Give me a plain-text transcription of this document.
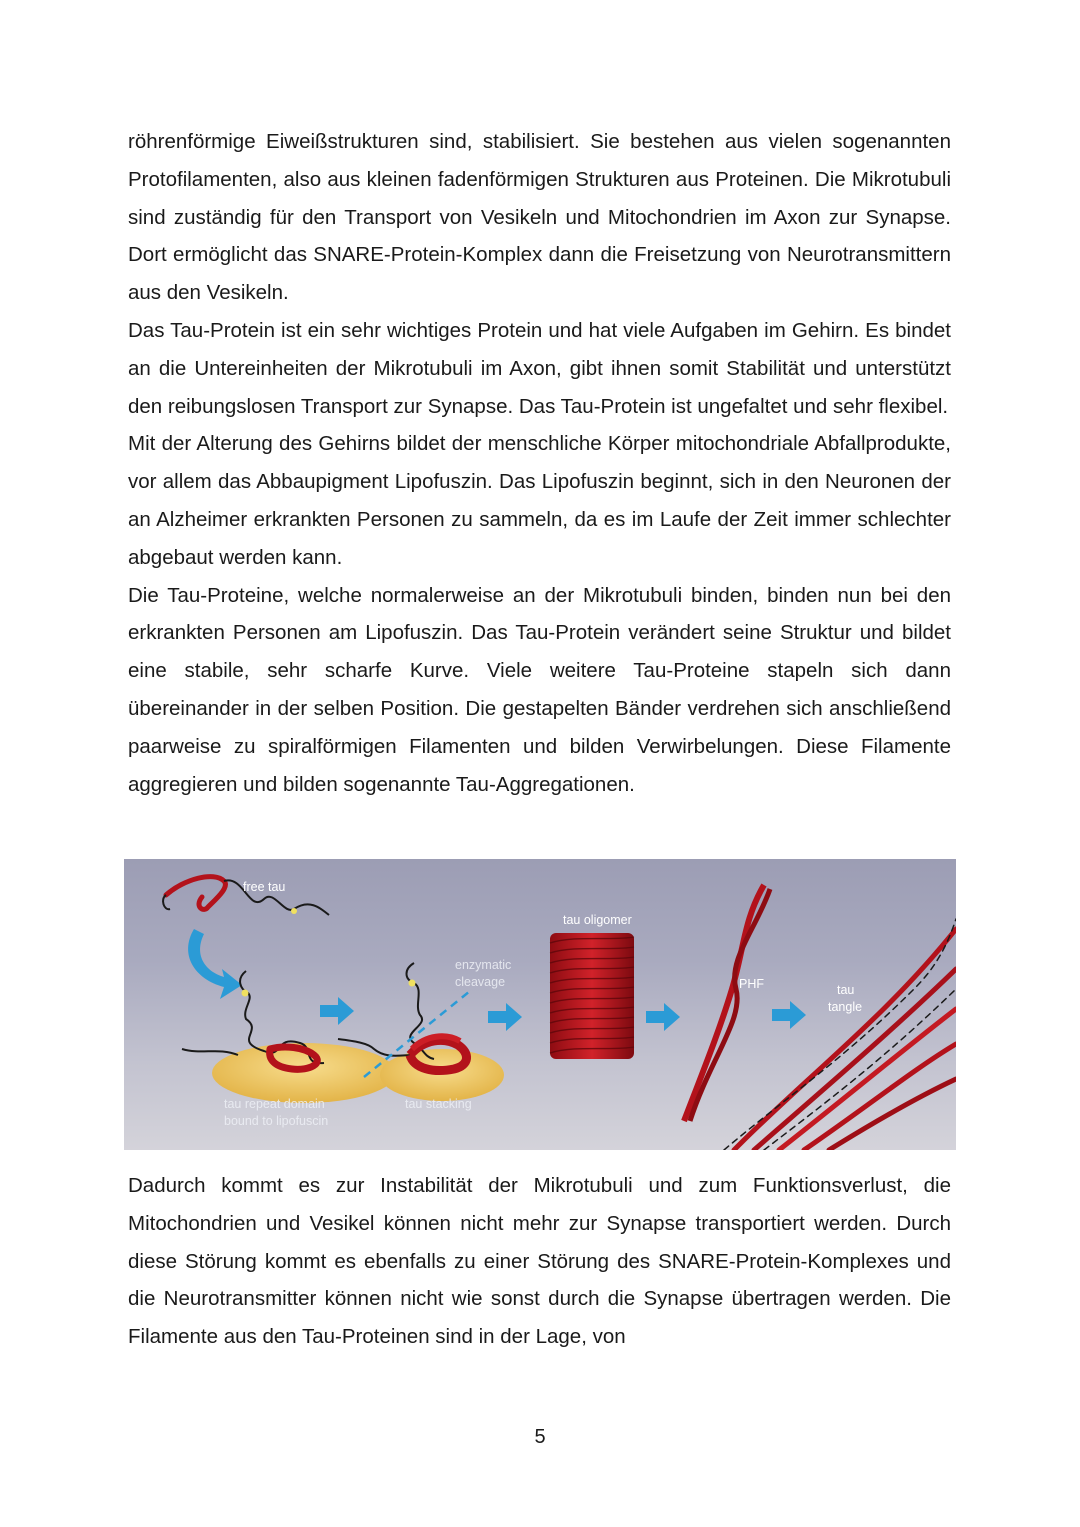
röhrenförmige Eiweißstrukturen sind, stabilisiert. Sie bestehen aus vielen sogenannten Protofilamenten, also aus kleinen fadenförmigen Strukturen aus Proteinen. Die Mikrotubuli sind zuständig für den Transport von Vesikeln und Mitochondrien im Axon zur Synapse. Dort ermöglicht das SNARE-Protein-Komplex dann die Freisetzung von Neurotransmittern aus den Vesikeln.

Das Tau-Protein ist ein sehr wichtiges Protein und hat viele Aufgaben im Gehirn. Es bindet an die Untereinheiten der Mikrotubuli im Axon, gibt ihnen somit Stabilität und unterstützt den reibungslosen Transport zur Synapse. Das Tau-Protein ist ungefaltet und sehr flexibel.

Mit der Alterung des Gehirns bildet der menschliche Körper mitochondriale Abfallprodukte, vor allem das Abbaupigment Lipofuszin. Das Lipofuszin beginnt, sich in den Neuronen der an Alzheimer erkrankten Personen zu sammeln, da es im Laufe der Zeit immer schlechter abgebaut werden kann.

Die Tau-Proteine, welche normalerweise an der Mikrotubuli binden, binden nun bei den erkrankten Personen am Lipofuszin. Das Tau-Protein verändert seine Struktur und bildet eine stabile, sehr scharfe Kurve. Viele weitere Tau-Proteine stapeln sich dann übereinander in der selben Position. Die gestapelten Bänder verdrehen sich anschließend paarweise zu spiralförmigen Filamenten und bilden Verwirbelungen. Diese Filamente aggregieren und bilden sogenannte Tau-Aggregationen.

free tau
tau repeat domain
bound to lipofuscin
enzymatic
cleavage
tau stacking
tau oligomer
PHF	tau
tangle

Dadurch kommt es zur Instabilität der Mikrotubuli und zum Funktionsverlust, die Mitochondrien und Vesikel können nicht mehr zur Synapse transportiert werden. Durch diese Störung kommt es ebenfalls zu einer Störung des SNARE-Protein-Komplexes und die Neurotransmitter können nicht wie sonst durch die Synapse übertragen werden. Die Filamente aus den Tau-Proteinen sind in der Lage, von

5
